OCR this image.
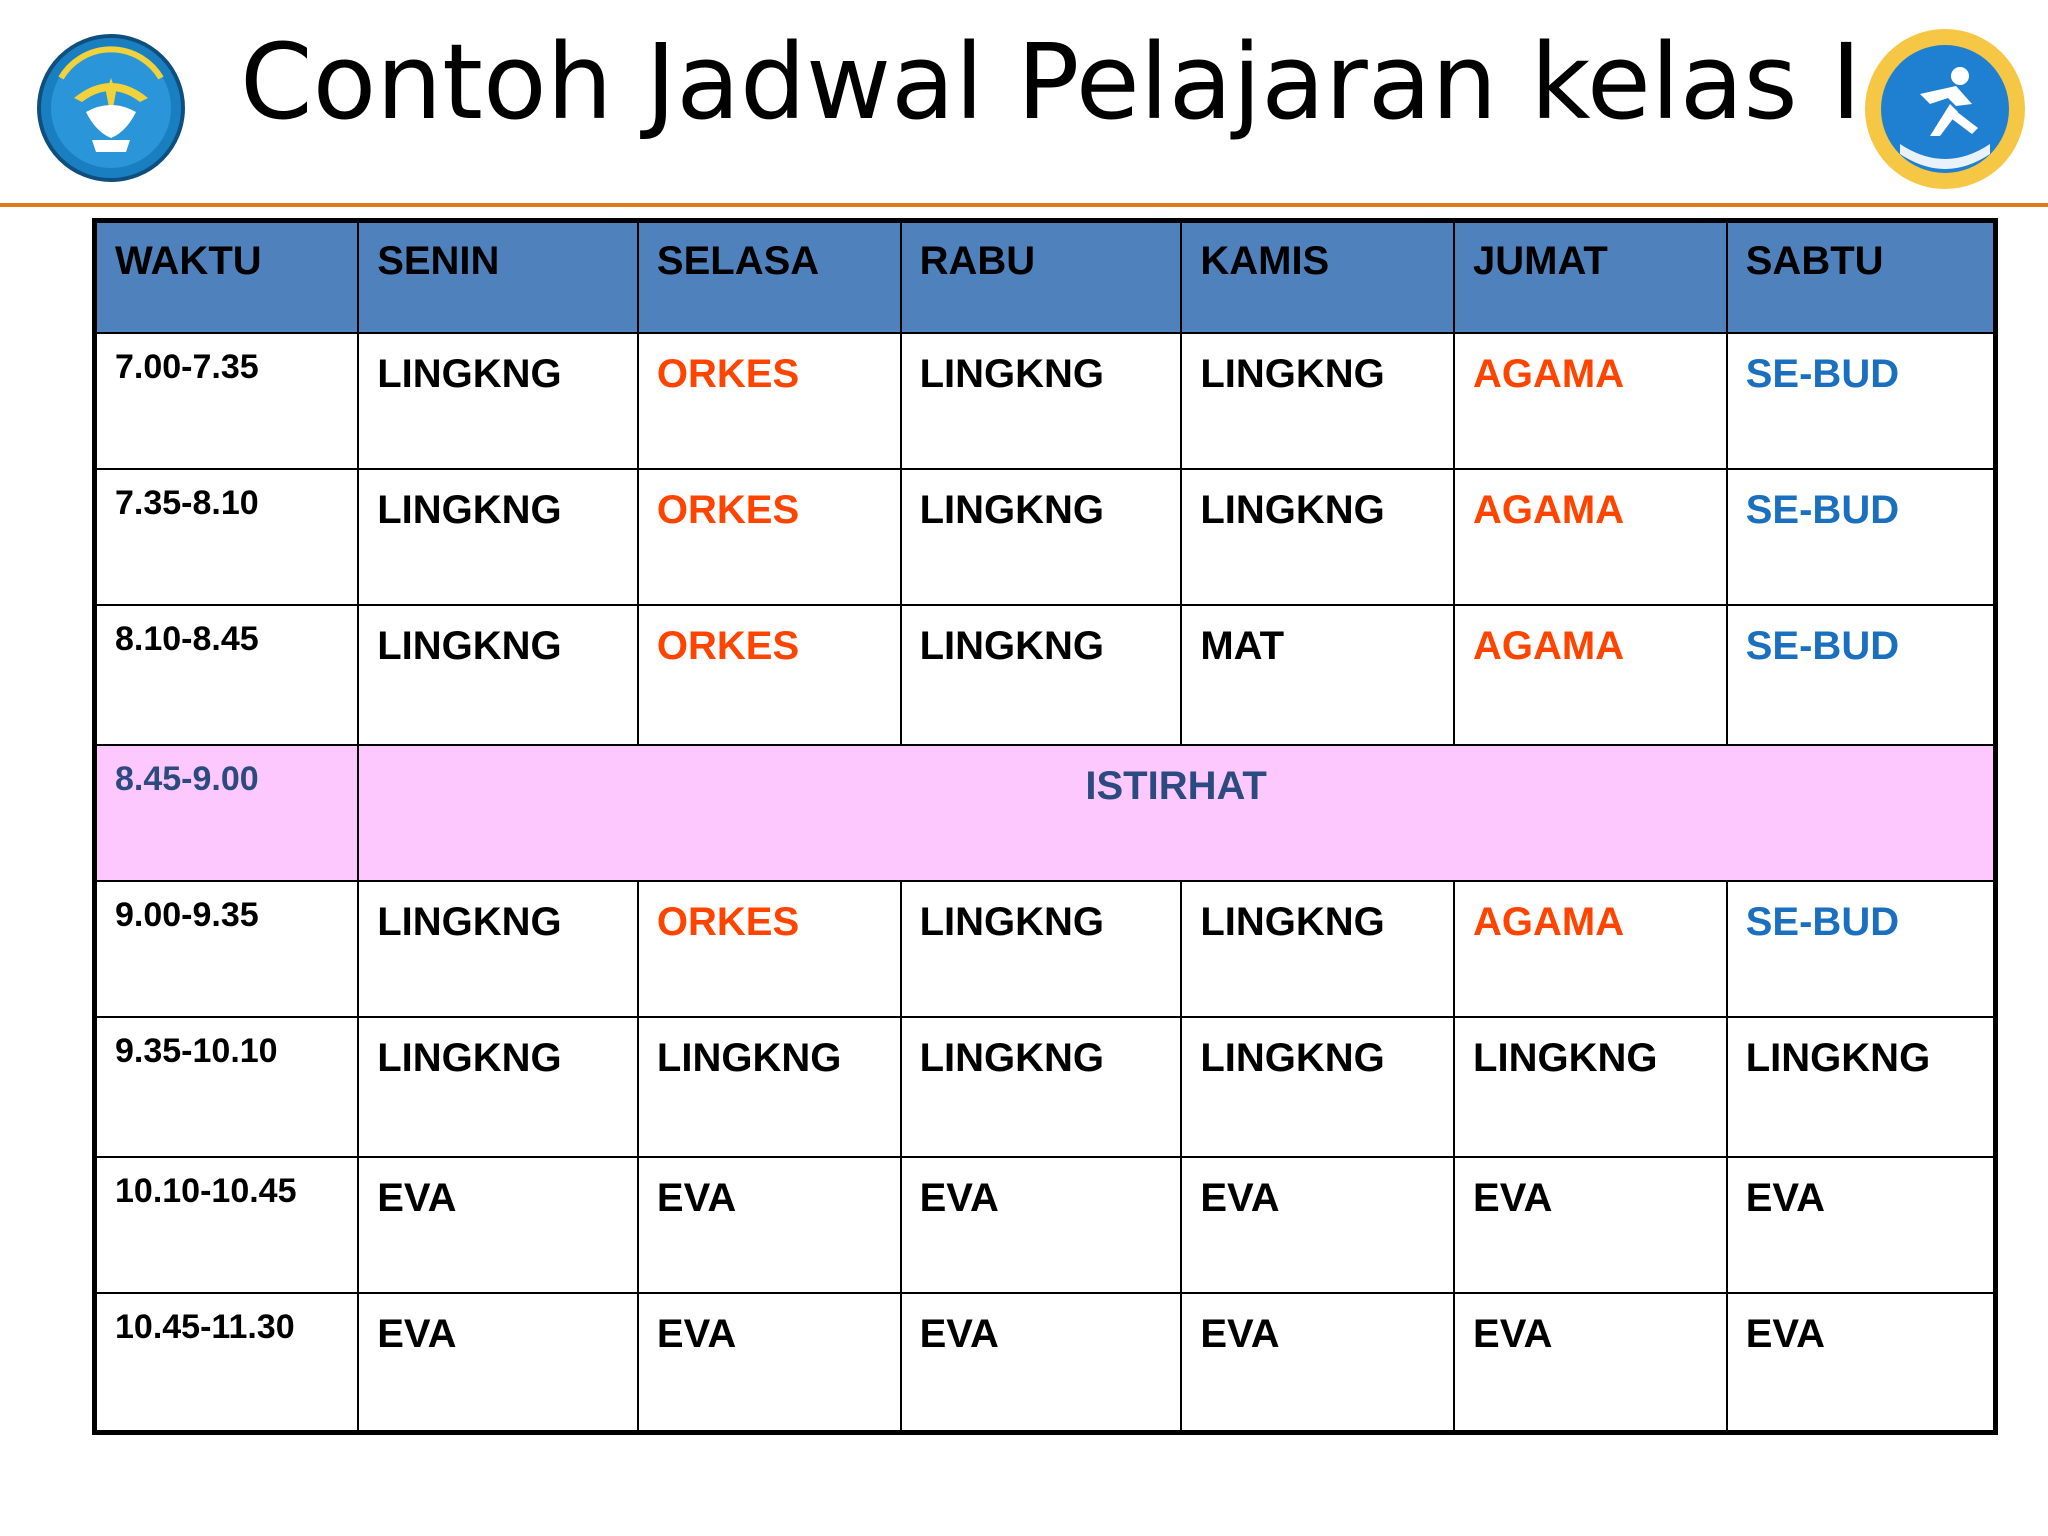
Contoh Jadwal Pelajaran kelas I
WAKTU	SENIN	SELASA	RABU	KAMIS	JUMAT	SABTU
7.00-7.35	LINGKNG	ORKES	LINGKNG	LINGKNG	AGAMA	SE-BUD
7.35-8.10	LINGKNG	ORKES	LINGKNG	LINGKNG	AGAMA	SE-BUD
8.10-8.45	LINGKNG	ORKES	LINGKNG	MAT	AGAMA	SE-BUD
8.45-9.00	ISTIRHAT					
9.00-9.35	LINGKNG	ORKES	LINGKNG	LINGKNG	AGAMA	SE-BUD
9.35-10.10	LINGKNG	LINGKNG	LINGKNG	LINGKNG	LINGKNG	LINGKNG
10.10-10.45	EVA	EVA	EVA	EVA	EVA	EVA
10.45-11.30	EVA	EVA	EVA	EVA	EVA	EVA
